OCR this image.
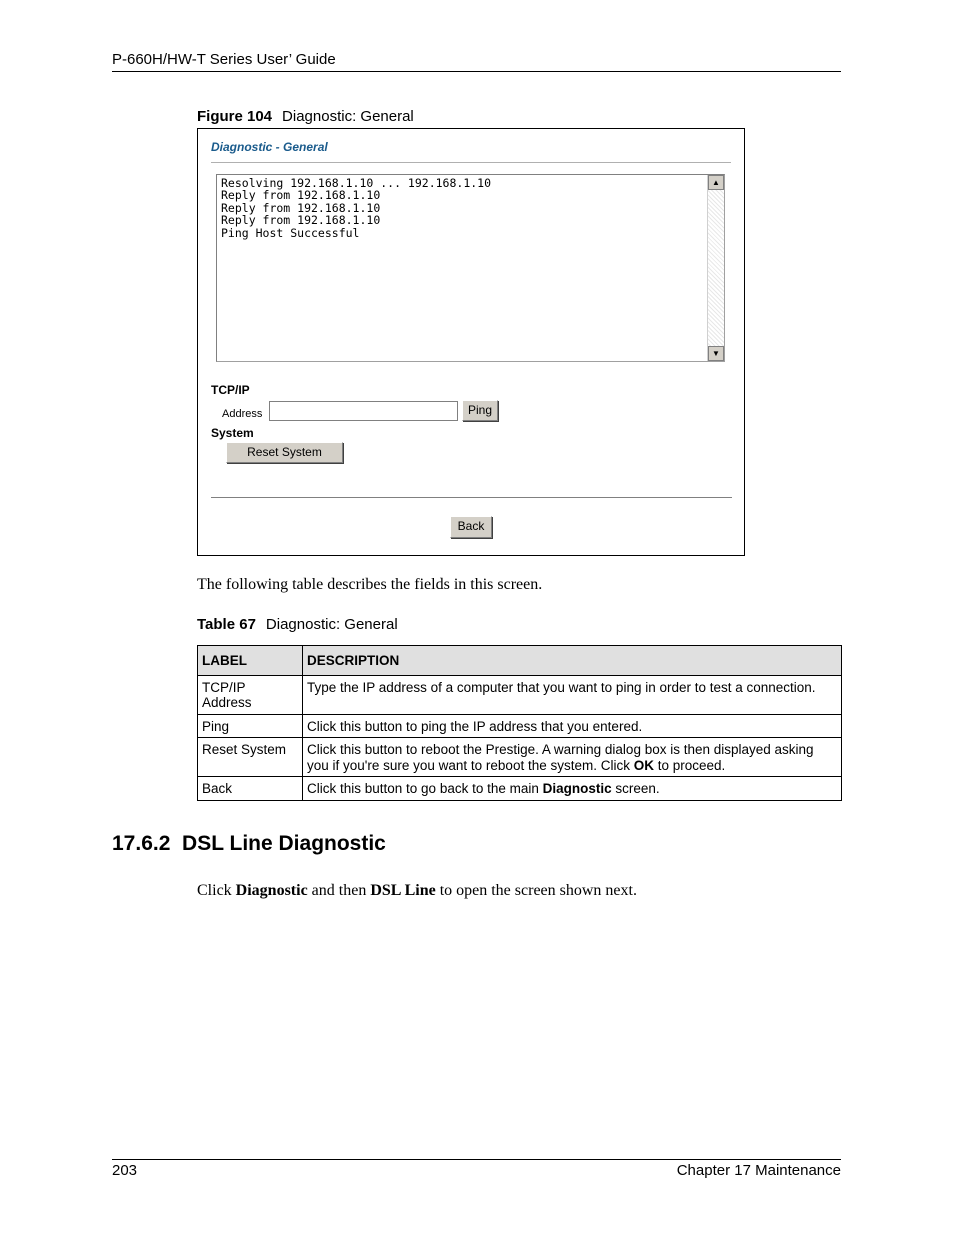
P-660H/HW-T Series User’ Guide
Figure 104 Diagnostic: General
Diagnostic - General
Resolving 192.168.1.10 ... 192.168.1.10
Reply from 192.168.1.10
Reply from 192.168.1.10
Reply from 192.168.1.10
Ping Host Successful
▲
▼
TCP/IP
Address	Ping
System
Reset System
Back
The following table describes the fields in this screen.
Table 67 Diagnostic: General
LABEL	DESCRIPTION
TCP/IP Address	Type the IP address of a computer that you want to ping in order to test a connection.
Ping	Click this button to ping the IP address that you entered.
Reset System	Click this button to reboot the Prestige. A warning dialog box is then displayed asking you if you're sure you want to reboot the system. Click OK to proceed.
Back	Click this button to go back to the main Diagnostic screen.
17.6.2  DSL Line Diagnostic
Click Diagnostic and then DSL Line to open the screen shown next.
203	Chapter 17 Maintenance
